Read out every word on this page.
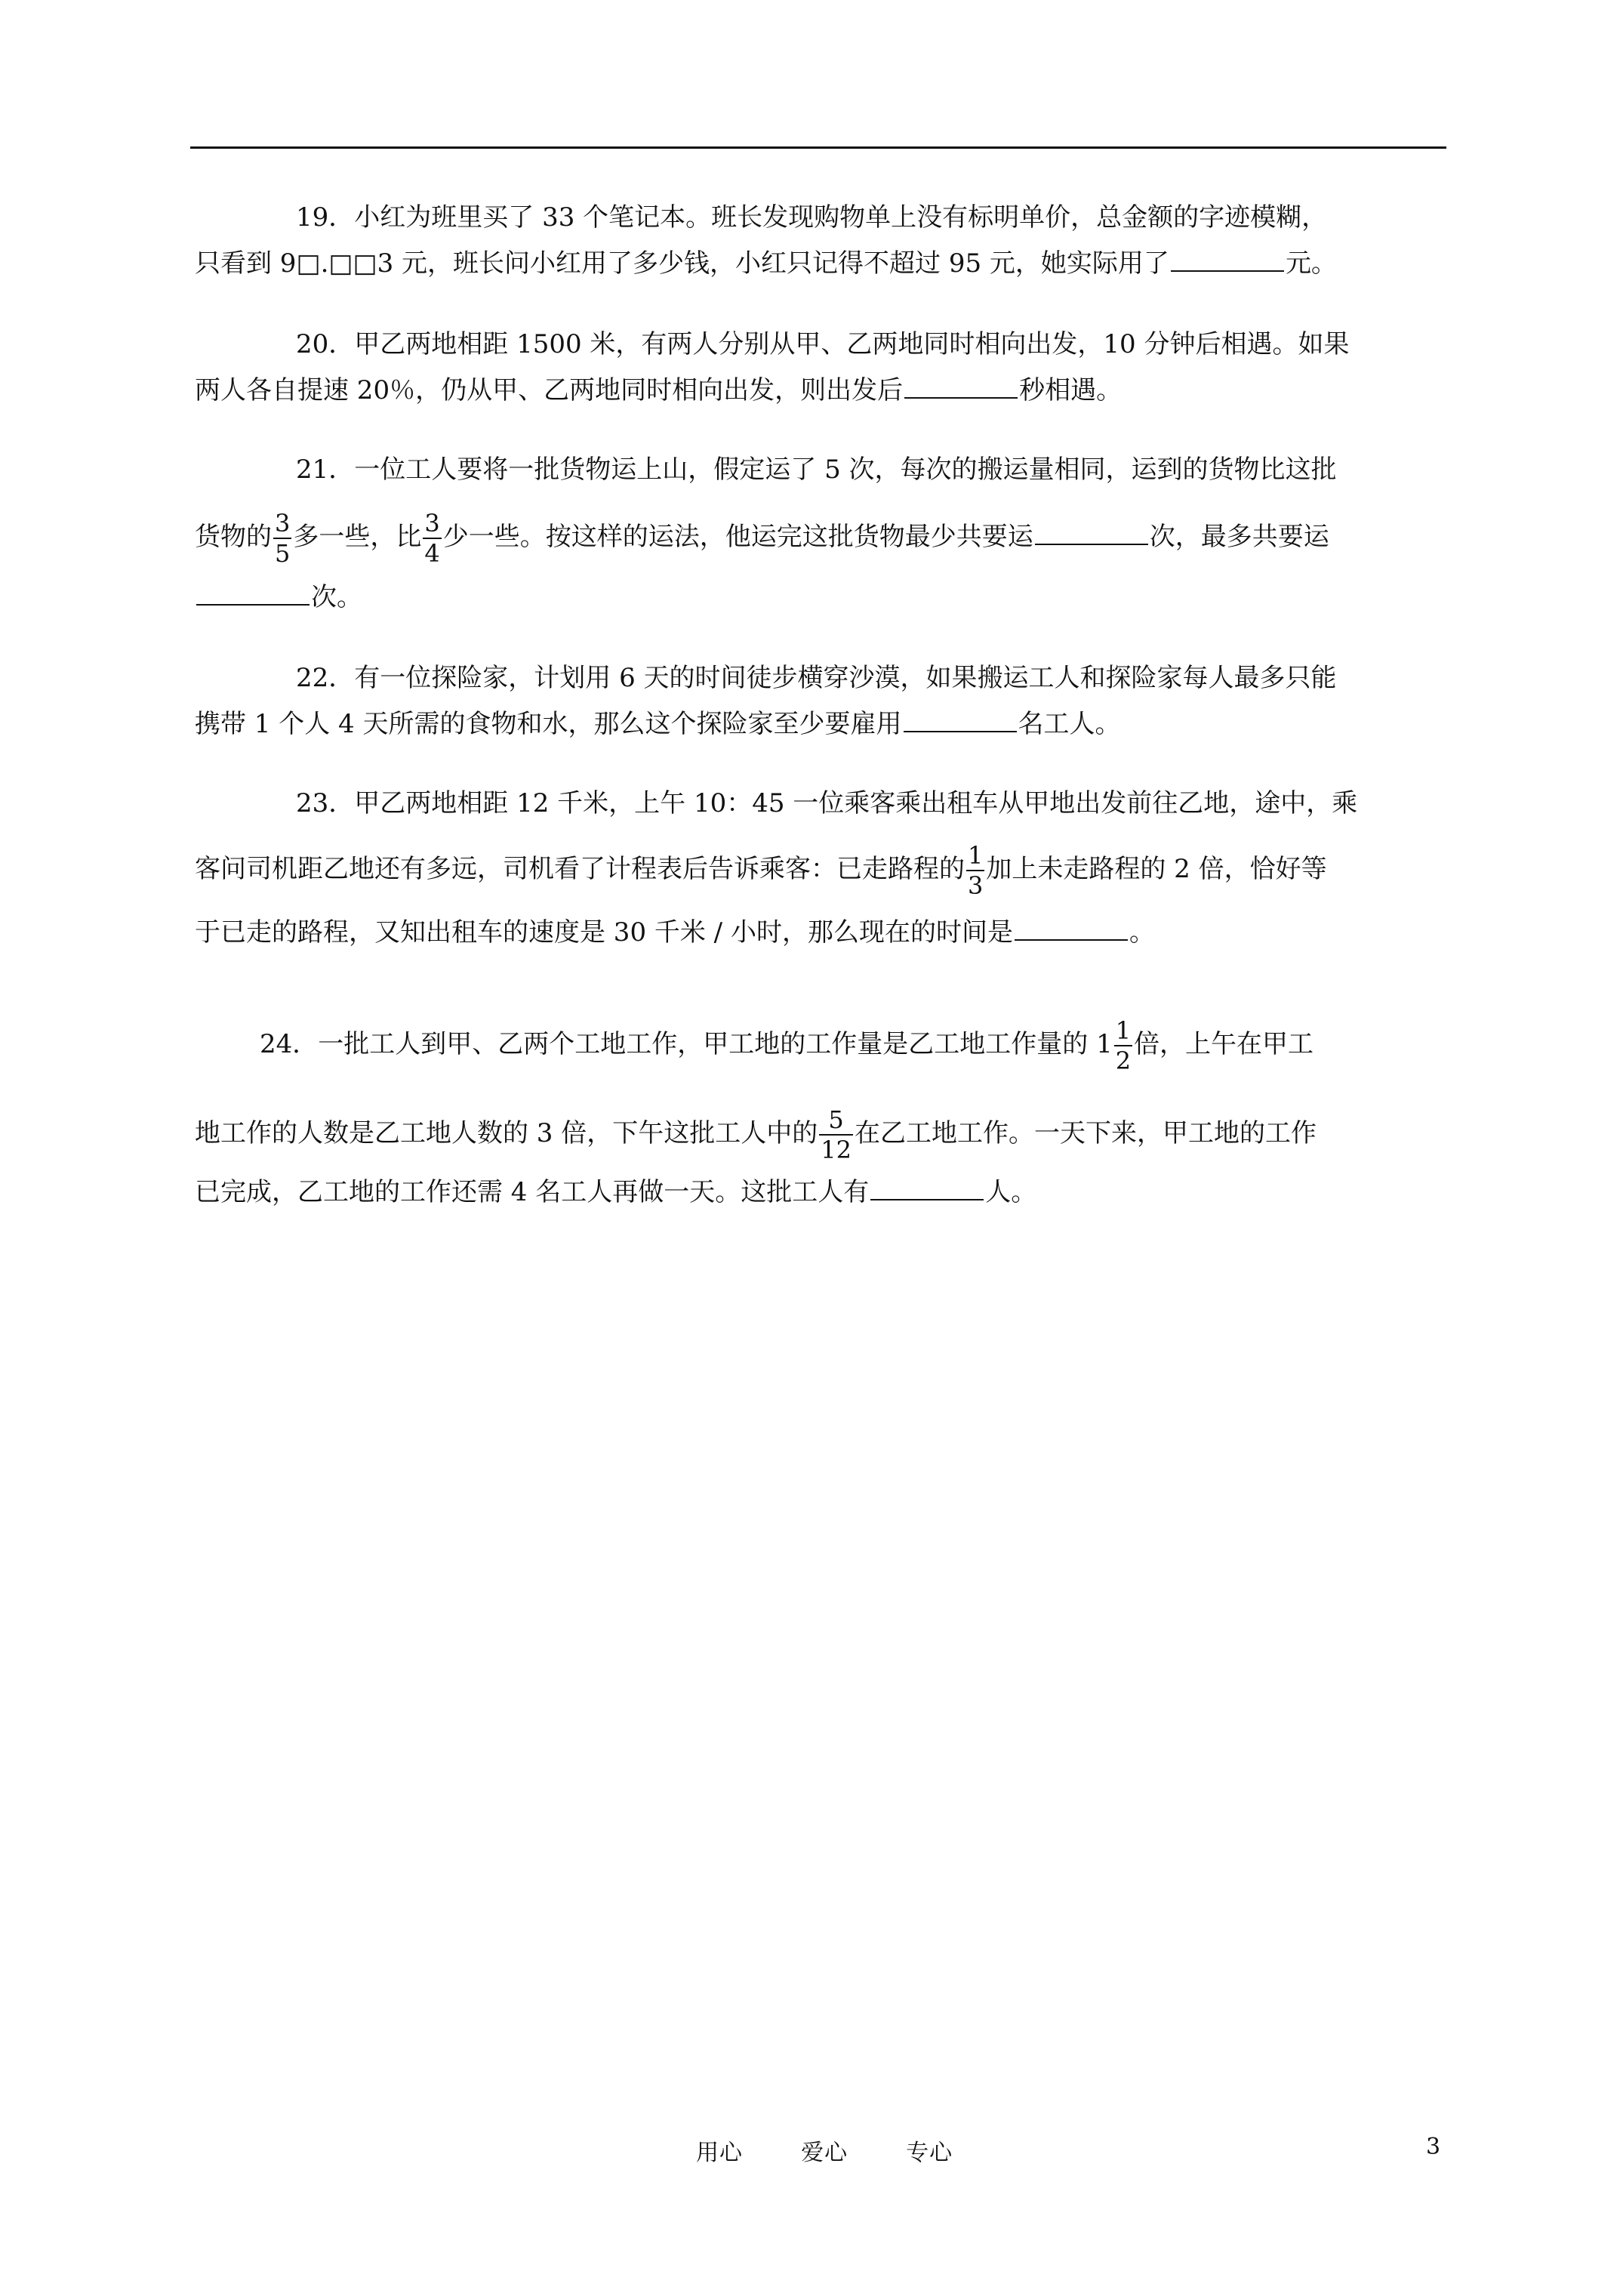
19．小红为班里买了 33 个笔记本。班长发现购物单上没有标明单价，总金额的字迹模糊，
只看到 9□.□□3 元，班长问小红用了多少钱，小红只记得不超过 95 元，她实际用了	元。
20．甲乙两地相距 1500 米，有两人分别从甲、乙两地同时相向出发，10 分钟后相遇。如果
两人各自提速 20％，仍从甲、乙两地同时相向出发，则出发后	秒相遇。
21．一位工人要将一批货物运上山，假定运了 5 次，每次的搬运量相同，运到的货物比这批
货物的 $\frac{3}{5}$ 多一些，比 $\frac{3}{4}$ 少一些。按这样的运法，他运完这批货物最少共要运	次，最多共要运
次。
22．有一位探险家，计划用 6 天的时间徒步横穿沙漠，如果搬运工人和探险家每人最多只能
携带 1 个人 4 天所需的食物和水，那么这个探险家至少要雇用	名工人。
23．甲乙两地相距 12 千米，上午 10：45 一位乘客乘出租车从甲地出发前往乙地，途中，乘
客问司机距乙地还有多远，司机看了计程表后告诉乘客：已走路程的 $\frac{1}{3}$ 加上未走路程的 2 倍，恰好等
于已走的路程，又知出租车的速度是 30 千米 / 小时，那么现在的时间是	。
24．一批工人到甲、乙两个工地工作，甲工地的工作量是乙工地工作量的 $1 \frac{1}{2}$ 倍，上午在甲工
地工作的人数是乙工地人数的 3 倍，下午这批工人中的 $\frac{5}{12}$ 在乙工地工作。一天下来，甲工地的工作
已完成，乙工地的工作还需 4 名工人再做一天。这批工人有	人。
用心  爱心  专心	3
